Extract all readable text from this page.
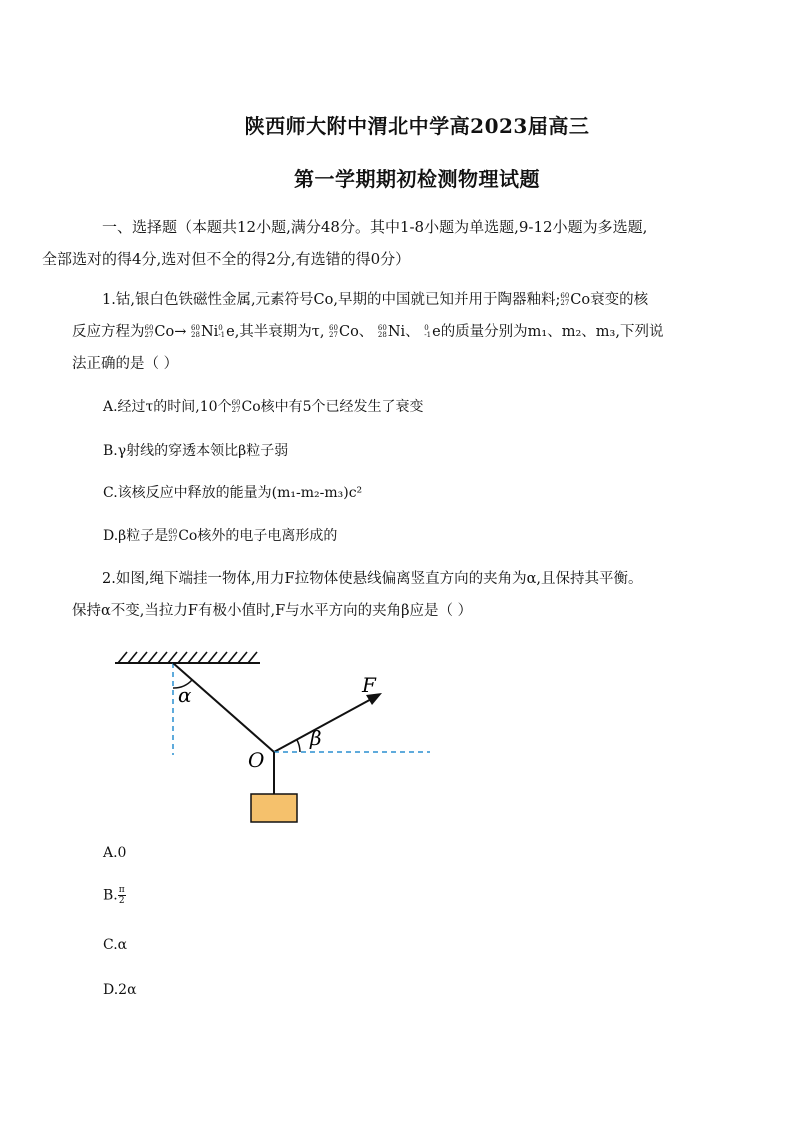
陕西师大附中渭北中学高2023届高三
第一学期期初检测物理试题
一、选择题（本题共12小题,满分48分。其中1-8小题为单选题,9-12小题为多选题,
全部选对的得4分,选对但不全的得2分,有选错的得0分）
1.钴,银白色铁磁性金属,元素符号Co,早期的中国就已知并用于陶器釉料; 60
27 Co衰变的核
反应方程为 60
27 Co→ 60
28 Ni 0
-1 e,其半衰期为τ, 60
27 Co、 60
28 Ni、 0
-1 e的质量分别为m₁、m₂、m₃,下列说
法正确的是（ ）
A.经过τ的时间,10个 60
27 Co核中有5个已经发生了衰变
B.γ射线的穿透本领比β粒子弱
C.该核反应中释放的能量为(m₁-m₂-m₃)c²
D.β粒子是 60
27 Co核外的电子电离形成的
2.如图,绳下端挂一物体,用力F拉物体使悬线偏离竖直方向的夹角为α,且保持其平衡。
保持α不变,当拉力F有极小值时,F与水平方向的夹角β应是（ ）
α	F
β
O
A.0
B. $\frac{\pi}{2}$
C.α
D.2α
